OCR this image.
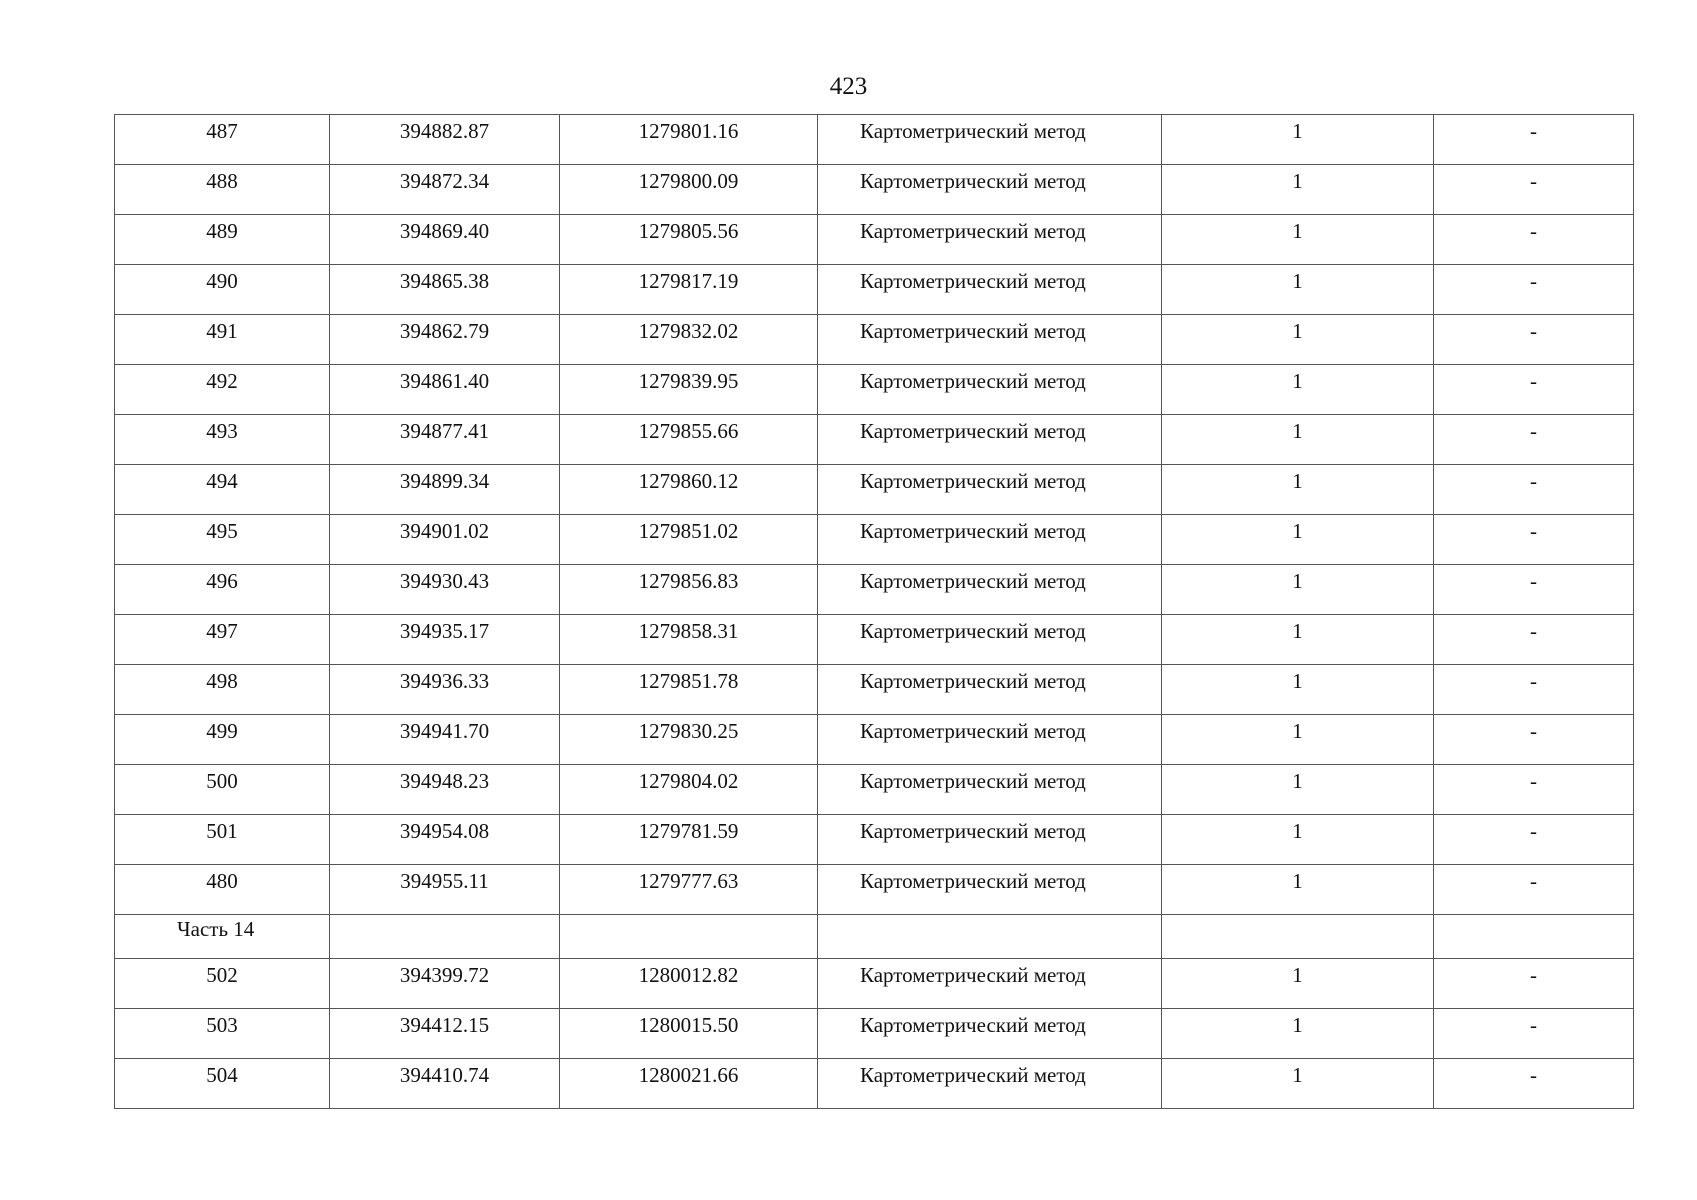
423
487	394882.87	1279801.16	Картометрический метод	1	-
488	394872.34	1279800.09	Картометрический метод	1	-
489	394869.40	1279805.56	Картометрический метод	1	-
490	394865.38	1279817.19	Картометрический метод	1	-
491	394862.79	1279832.02	Картометрический метод	1	-
492	394861.40	1279839.95	Картометрический метод	1	-
493	394877.41	1279855.66	Картометрический метод	1	-
494	394899.34	1279860.12	Картометрический метод	1	-
495	394901.02	1279851.02	Картометрический метод	1	-
496	394930.43	1279856.83	Картометрический метод	1	-
497	394935.17	1279858.31	Картометрический метод	1	-
498	394936.33	1279851.78	Картометрический метод	1	-
499	394941.70	1279830.25	Картометрический метод	1	-
500	394948.23	1279804.02	Картометрический метод	1	-
501	394954.08	1279781.59	Картометрический метод	1	-
480	394955.11	1279777.63	Картометрический метод	1	-
Часть 14					
502	394399.72	1280012.82	Картометрический метод	1	-
503	394412.15	1280015.50	Картометрический метод	1	-
504	394410.74	1280021.66	Картометрический метод	1	-
